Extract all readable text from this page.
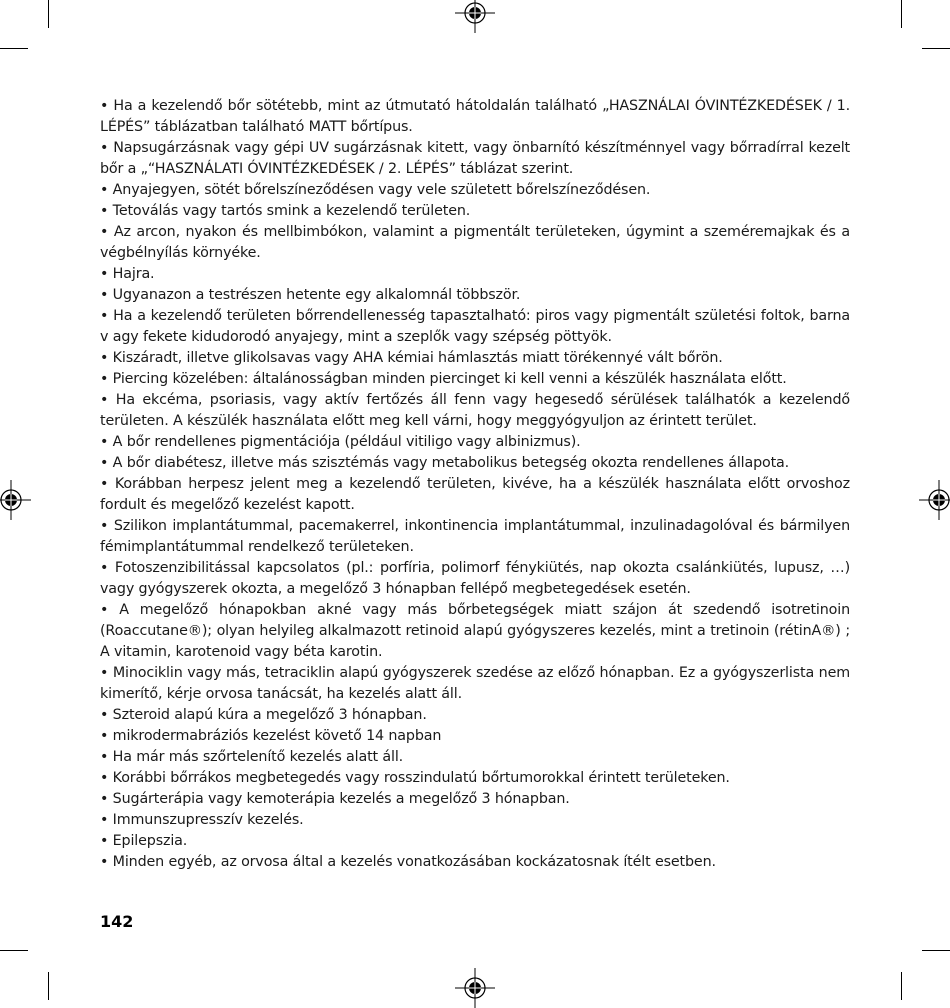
• Ha a kezelendő bőr sötétebb, mint az útmutató hátoldalán található „HASZNÁLAI ÓVINTÉZKEDÉSEK / 1. LÉPÉS” táblázatban található MATT bőrtípus.

• Napsugárzásnak vagy gépi UV sugárzásnak kitett, vagy önbarnító készítménnyel vagy bőrradírral kezelt bőr a „“HASZNÁLATI ÓVINTÉZKEDÉSEK / 2. LÉPÉS” táblázat szerint.

• Anyajegyen, sötét bőrelszíneződésen vagy vele született bőrelszíneződésen.

• Tetoválás vagy tartós smink a kezelendő területen.

• Az arcon, nyakon és mellbimbókon, valamint a pigmentált területeken, úgymint a szeméremajkak és a végbélnyílás környéke.

• Hajra.

• Ugyanazon a testrészen hetente egy alkalomnál többször.

• Ha a kezelendő területen bőrrendellenesség tapasztalható: piros vagy pigmentált születési foltok, barna v agy fekete kidudorodó anyajegy, mint a szeplők vagy szépség pöttyök.

• Kiszáradt, illetve glikolsavas vagy AHA kémiai hámlasztás miatt törékennyé vált bőrön.

• Piercing közelében: általánosságban minden piercinget ki kell venni a készülék használata előtt.

• Ha ekcéma, psoriasis, vagy aktív fertőzés áll fenn vagy hegesedő sérülések találhatók a kezelendő területen. A készülék használata előtt meg kell várni, hogy meggyógyuljon az érintett terület.

• A bőr rendellenes pigmentációja (például vitiligo vagy albinizmus).

• A bőr diabétesz, illetve más szisztémás vagy metabolikus betegség okozta rendellenes állapota.

• Korábban herpesz jelent meg a kezelendő területen, kivéve, ha a készülék használata előtt orvoshoz fordult és megelőző kezelést kapott.

• Szilikon implantátummal, pacemakerrel, inkontinencia implantátummal, inzulinadagolóval és bármilyen fémimplantátummal rendelkező területeken.

• Fotoszenzibilitással kapcsolatos (pl.: porfíria, polimorf fénykiütés, nap okozta csalánkiütés, lupusz, …) vagy gyógyszerek okozta, a megelőző 3 hónapban fellépő megbetegedések esetén.

• A megelőző hónapokban akné vagy más bőrbetegségek miatt szájon át szedendő isotretinoin (Roaccutane®); olyan helyileg alkalmazott retinoid alapú gyógyszeres kezelés, mint a tretinoin (rétinA®) ; A vitamin, karotenoid vagy béta karotin.

• Minociklin vagy más, tetraciklin alapú gyógyszerek szedése az előző hónapban. Ez a gyógyszerlista nem kimerítő, kérje orvosa tanácsát, ha kezelés alatt áll.

• Szteroid alapú kúra a megelőző 3 hónapban.

• mikrodermabráziós kezelést követő 14 napban

• Ha már más szőrtelenítő kezelés alatt áll.

• Korábbi bőrrákos megbetegedés vagy rosszindulatú bőrtumorokkal érintett területeken.

• Sugárterápia vagy kemoterápia kezelés a megelőző 3 hónapban.

• Immunszupresszív kezelés.

• Epilepszia.

• Minden egyéb, az orvosa által a kezelés vonatkozásában kockázatosnak ítélt esetben.

142
